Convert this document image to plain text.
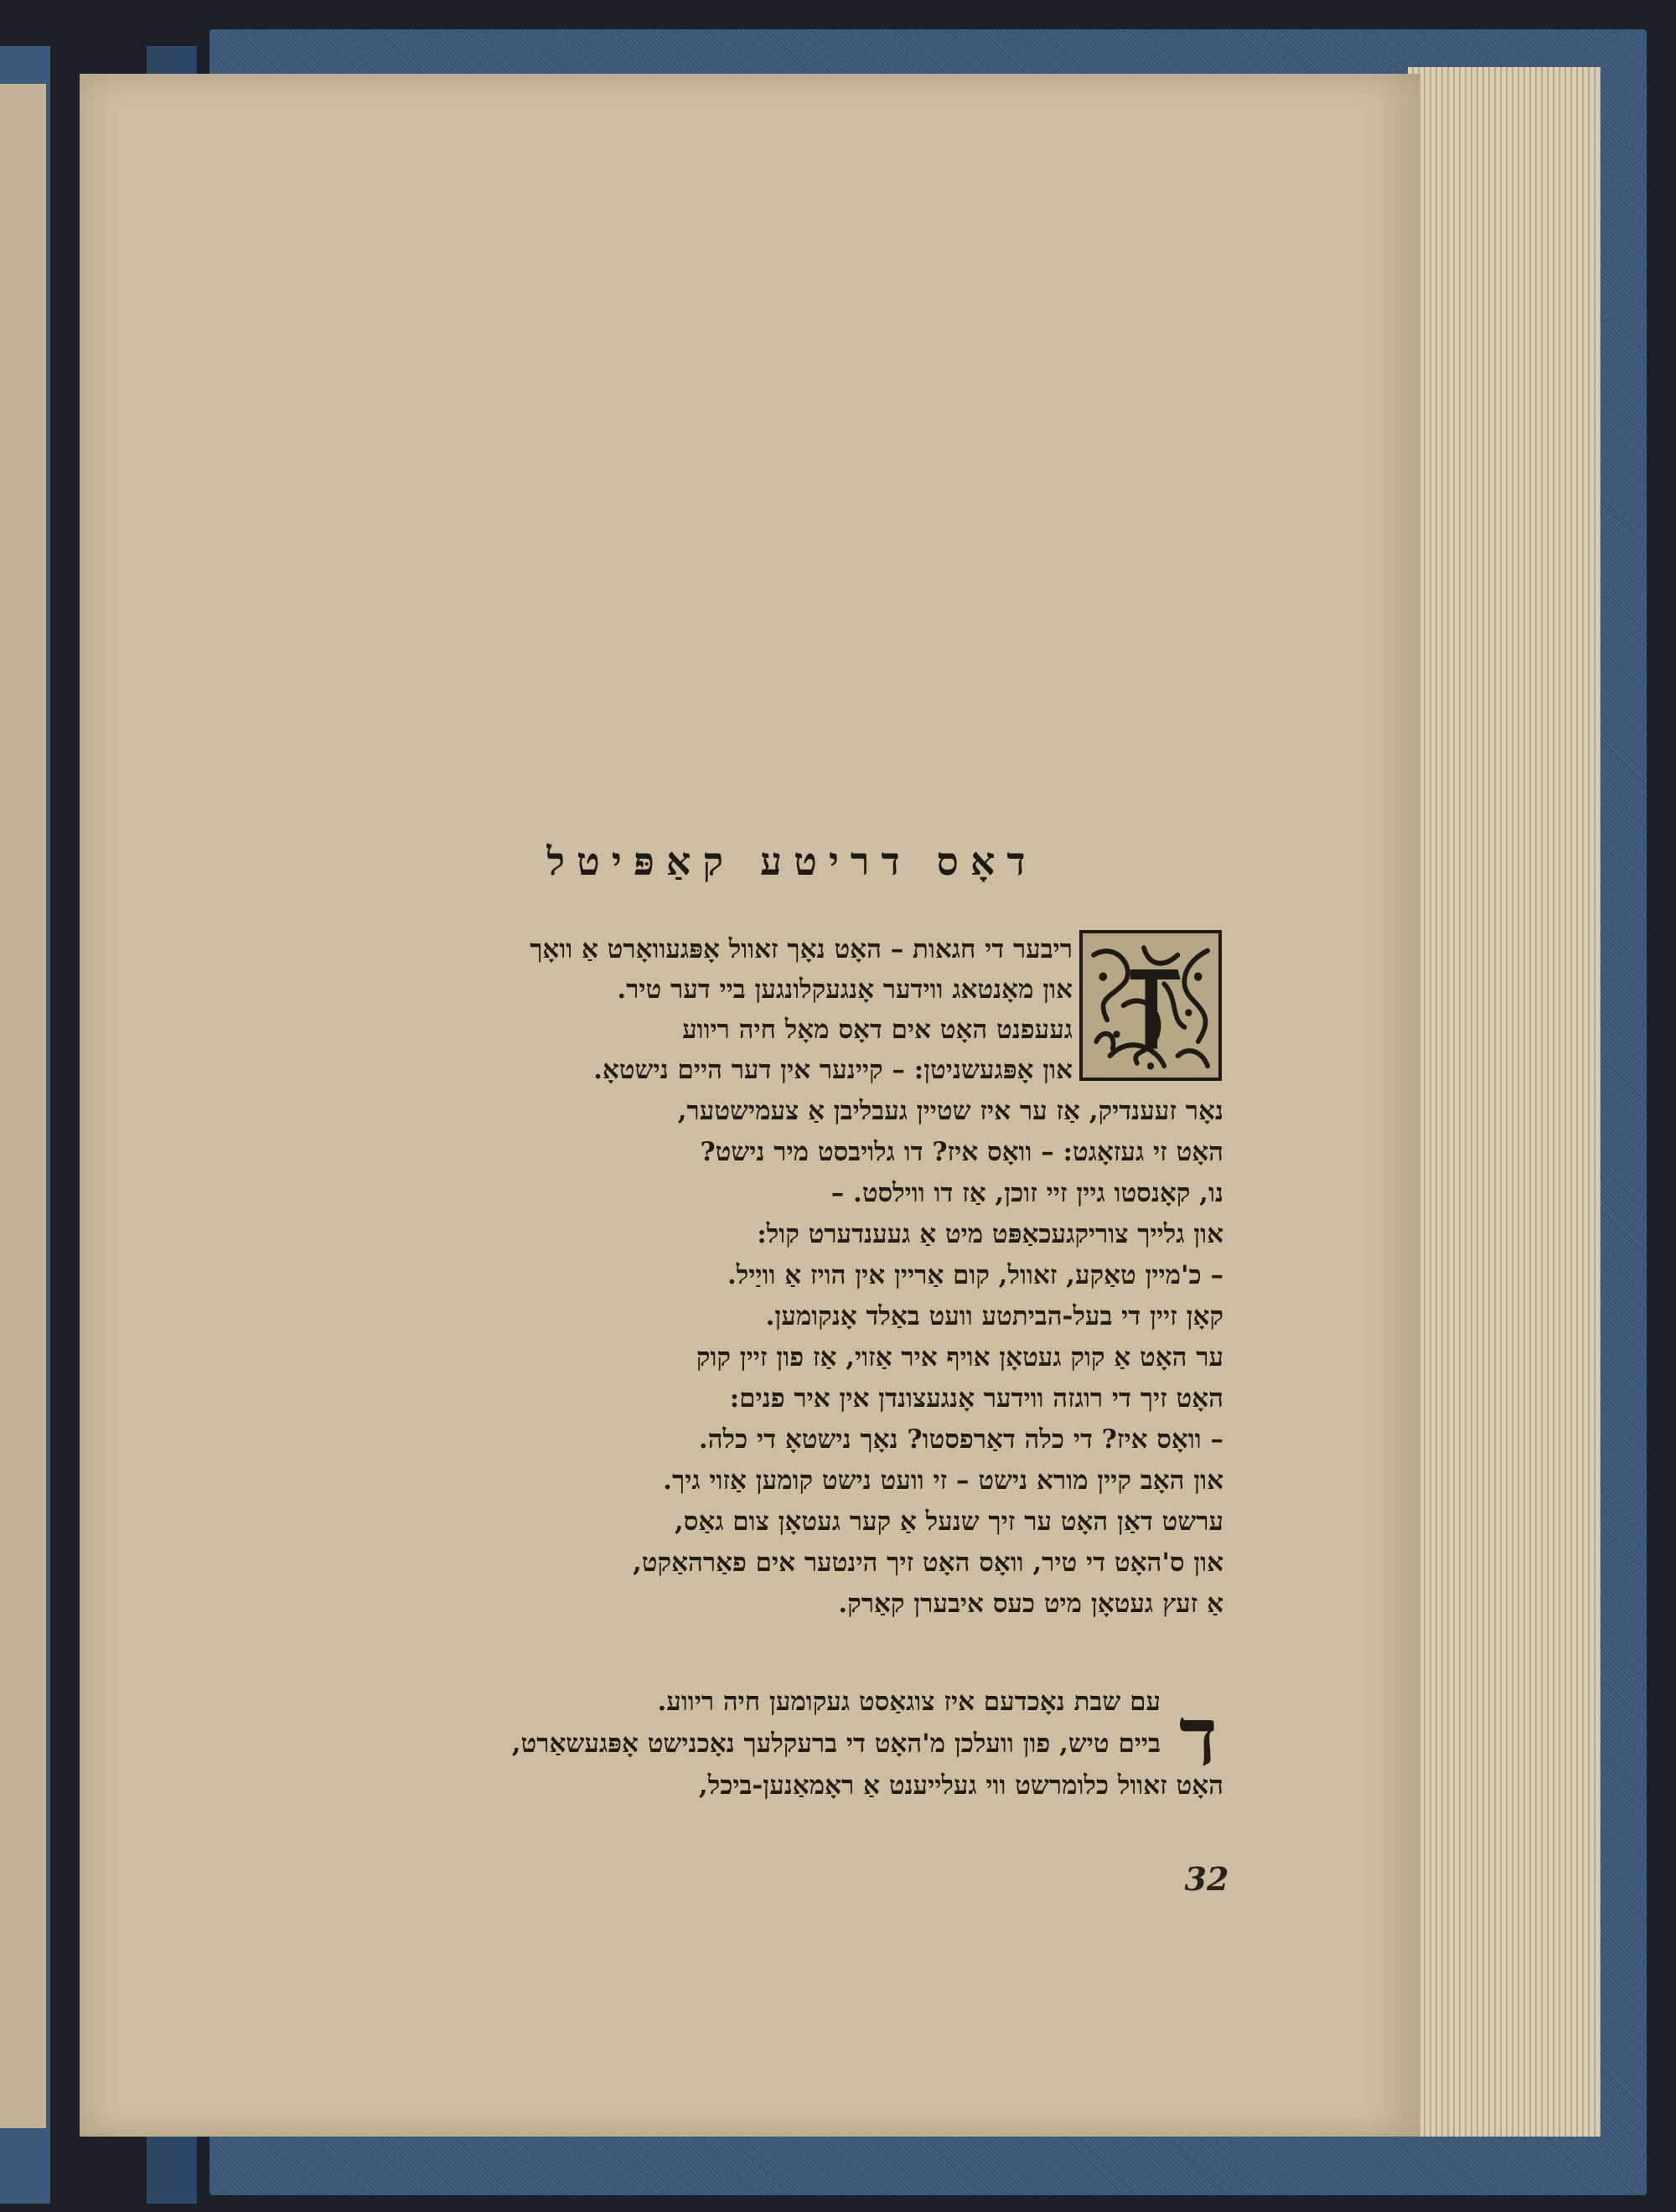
דאָס דריטע קאַפּיטל
ריבער די חגאות – האָט נאָך זאוול אָפּגעוואָרט אַ וואָך
און מאָנטאג ווידער אָנגעקלונגען ביי דער טיר.
געעפנט האָט אים דאָס מאָל חיה ריווע
און אָפּגעשניטן: – קיינער אין דער היים נישטאָ.
נאָר זעענדיק, אַז ער איז שטיין געבליבן אַ צעמישטער,
האָט זי געזאָגט: – וואָס איז? דו גלויבסט מיר נישט?
נו, קאָנסטו גיין זיי זוכן, אַז דו ווילסט. –
און גלייך צוריקגעכאַפּט מיט אַ געענדערט קול:
– כ'מיין טאַקע, זאוול, קום אַריין אין הויז אַ וויַיל.
קאָן זיין די בעל-הביתטע וועט באַלד אָנקומען.
ער האָט אַ קוק געטאָן אויף איר אַזוי, אַז פון זיין קוק
האָט זיך די רוגזה ווידער אָנגעצונדן אין איר פנים:
– וואָס איז? די כלה דאַרפסטו? נאָך נישטאָ די כלה.
און האָב קיין מורא נישט – זי וועט נישט קומען אַזוי גיך.
ערשט דאַן האָט ער זיך שנעל אַ קער געטאָן צום גאַס,
און ס'האָט די טיר, וואָס האָט זיך הינטער אים פאַרהאַקט,
אַ זעץ געטאָן מיט כעס איבערן קאַרק.
ד
עם שבת נאָכדעם איז צוגאַסט געקומען חיה ריווע.
ביים טיש, פון וועלכן מ'האָט די ברעקלעך נאָכנישט אָפּגעשאַרט,
האָט זאוול כלומרשט ווי געלייענט אַ ראָמאַנען-ביכל,
32
